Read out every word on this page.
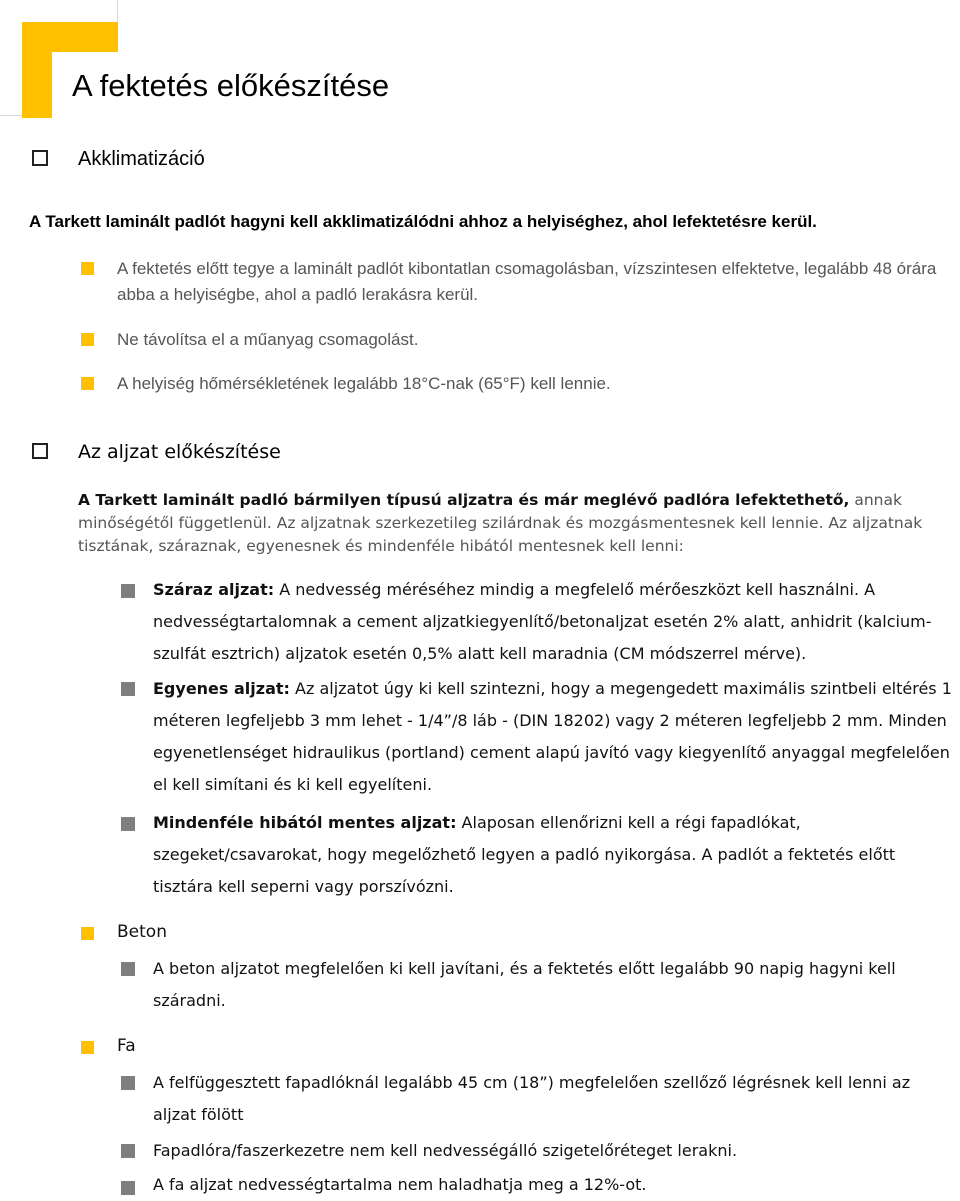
A fektetés előkészítése
Akklimatizáció
A Tarkett laminált padlót hagyni kell akklimatizálódni ahhoz a helyiséghez, ahol lefektetésre kerül.
A fektetés előtt tegye a laminált padlót kibontatlan csomagolásban, vízszintesen elfektetve, legalább 48 órára abba a helyiségbe, ahol a padló lerakásra kerül.
Ne távolítsa el a műanyag csomagolást.
A helyiség hőmérsékletének legalább 18°C-nak (65°F) kell lennie.
Az aljzat előkészítése
A Tarkett laminált padló bármilyen típusú aljzatra és már meglévő padlóra lefektethető, annak minőségétől függetlenül. Az aljzatnak szerkezetileg szilárdnak és mozgásmentesnek kell lennie. Az aljzatnak tisztának, száraznak, egyenesnek és mindenféle hibától mentesnek kell lenni:
Száraz aljzat: A nedvesség méréséhez mindig a megfelelő mérőeszközt kell használni. A nedvességtartalomnak a cement aljzatkiegyenlítő/betonaljzat esetén 2% alatt, anhidrit (kalcium-szulfát esztrich) aljzatok esetén 0,5% alatt kell maradnia (CM módszerrel mérve).
Egyenes aljzat: Az aljzatot úgy ki kell szintezni, hogy a megengedett maximális szintbeli eltérés 1 méteren legfeljebb 3 mm lehet - 1/4”/8 láb - (DIN 18202) vagy 2 méteren legfeljebb 2 mm. Minden egyenetlenséget hidraulikus (portland) cement alapú javító vagy kiegyenlítő anyaggal megfelelően el kell simítani és ki kell egyelíteni.
Mindenféle hibától mentes aljzat: Alaposan ellenőrizni kell a régi fapadlókat, szegeket/csavarokat, hogy megelőzhető legyen a padló nyikorgása. A padlót a fektetés előtt tisztára kell seperni vagy porszívózni.
Beton
A beton aljzatot megfelelően ki kell javítani, és a fektetés előtt legalább 90 napig hagyni kell száradni.
Fa
A felfüggesztett fapadlóknál legalább 45 cm (18”) megfelelően szellőző légrésnek kell lenni az aljzat fölött
Fapadlóra/faszerkezetre nem kell nedvességálló szigetelőréteget lerakni.
A fa aljzat nedvességtartalma nem haladhatja meg a 12%-ot.
